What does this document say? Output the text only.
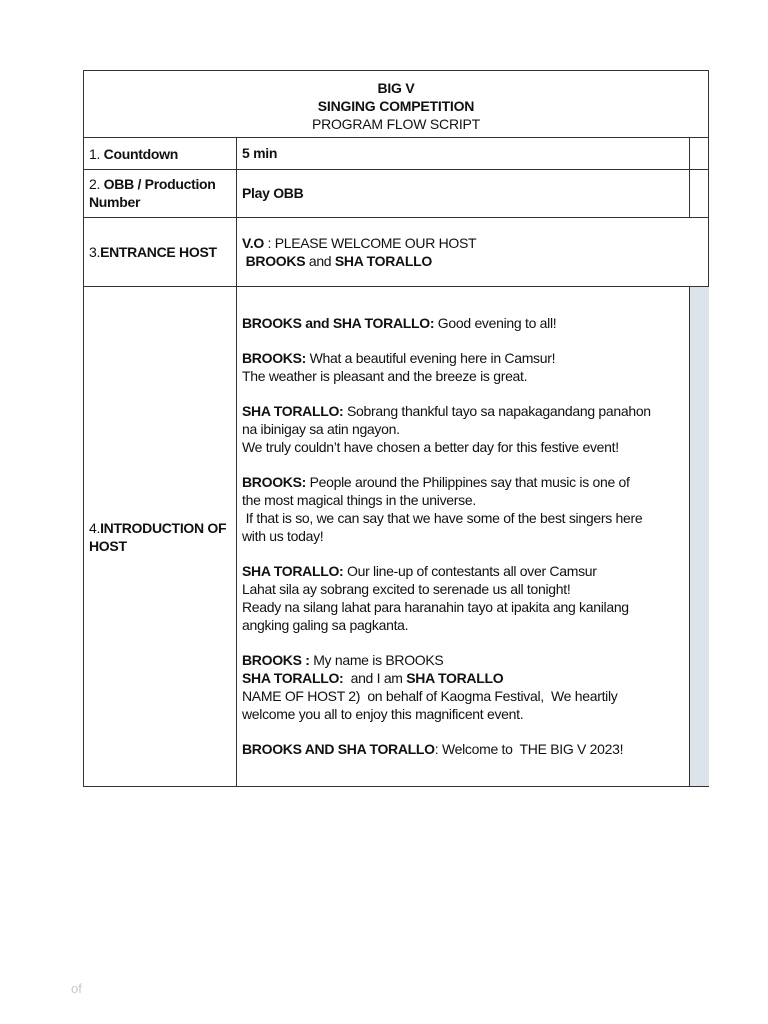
BIG V
SINGING COMPETITION
PROGRAM FLOW SCRIPT
1. Countdown	5 min
2. OBB / Production
Number
Play OBB
3.ENTRANCE HOST
V.O : PLEASE WELCOME OUR HOST
BROOKS and SHA TORALLO
4.INTRODUCTION OF
HOST
BROOKS and SHA TORALLO: Good evening to all!
BROOKS: What a beautiful evening here in Camsur!
The weather is pleasant and the breeze is great.
SHA TORALLO: Sobrang thankful tayo sa napakagandang panahon
na ibinigay sa atin ngayon.
We truly couldn’t have chosen a better day for this festive event!
BROOKS: People around the Philippines say that music is one of
the most magical things in the universe.
If that is so, we can say that we have some of the best singers here
with us today!
SHA TORALLO: Our line-up of contestants all over Camsur
Lahat sila ay sobrang excited to serenade us all tonight!
Ready na silang lahat para haranahin tayo at ipakita ang kanilang
angking galing sa pagkanta.
BROOKS : My name is BROOKS
SHA TORALLO:  and I am SHA TORALLO
NAME OF HOST 2)  on behalf of Kaogma Festival,  We heartily
welcome you all to enjoy this magnificent event.
BROOKS AND SHA TORALLO: Welcome to  THE BIG V 2023!
of
